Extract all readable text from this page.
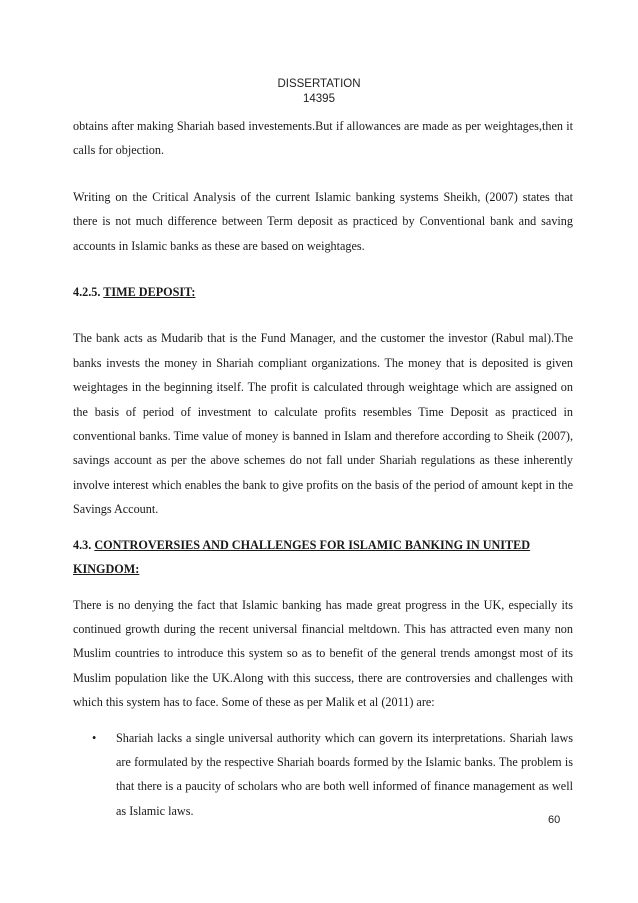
DISSERTATION
14395

obtains after making Shariah based investements.But if allowances are made as per weightages,then it calls for objection.

Writing on the Critical Analysis of the current Islamic banking systems Sheikh, (2007) states that there is not much difference between Term deposit as practiced by Conventional bank and saving accounts in Islamic banks as these are based on weightages.

4.2.5. TIME DEPOSIT:

The bank acts as Mudarib that is the Fund Manager, and the customer the investor (Rabul mal).The banks invests the money in Shariah compliant organizations. The money that is deposited is given weightages in the beginning itself. The profit is calculated through weightage which are assigned on the basis of period of investment to calculate profits resembles Time Deposit as practiced in conventional banks. Time value of money is banned in Islam and therefore according to Sheik (2007), savings account as per the above schemes do not fall under Shariah regulations as these inherently involve interest which enables the bank to give profits on the basis of the period of amount kept in the Savings Account.

4.3. CONTROVERSIES AND CHALLENGES FOR ISLAMIC BANKING IN UNITED KINGDOM:

There is no denying the fact that Islamic banking has made great progress in the UK, especially its continued growth during the recent universal financial meltdown. This has attracted even many non Muslim countries to introduce this system so as to benefit of the general trends amongst most of its Muslim population like the UK.Along with this success, there are controversies and challenges with which this system has to face. Some of these as per Malik et al (2011) are:

• Shariah lacks a single universal authority which can govern its interpretations. Shariah laws are formulated by the respective Shariah boards formed by the Islamic banks. The problem is that there is a paucity of scholars who are both well informed of finance management as well as Islamic laws.
60
